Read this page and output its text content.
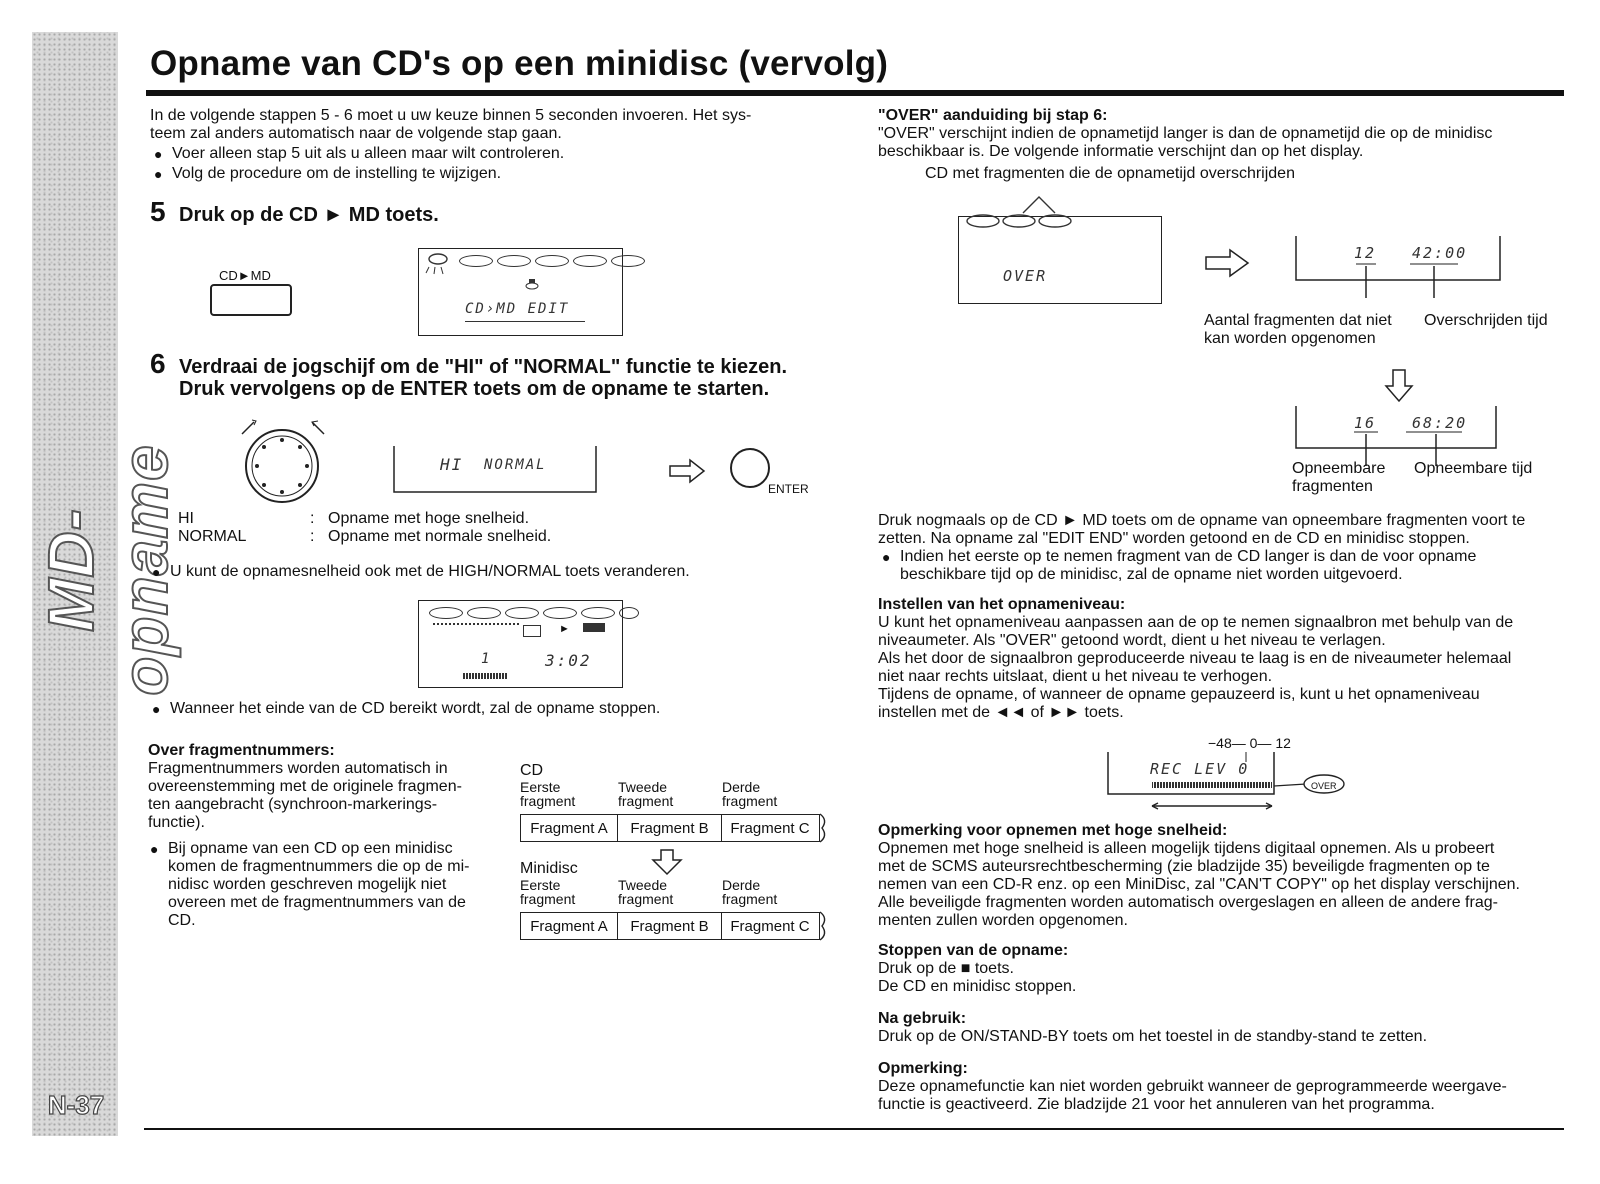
MD-opname
N-37
Opname van CD's op een minidisc (vervolg)
In de volgende stappen 5 - 6 moet u uw keuze binnen 5 seconden invoeren. Het sys-
teem zal anders automatisch naar de volgende stap gaan.
● Voer alleen stap 5 uit als u alleen maar wilt controleren.
● Volg de procedure om de instelling te wijzigen.
5 Druk op de CD ► MD toets.
CD►MD
CD›MD EDIT
6 Verdraai de jogschijf om de "HI" of "NORMAL" functie te kiezen.
Druk vervolgens op de ENTER toets om de opname te starten.
HI NORMAL
ENTER
HI	: Opname met hoge snelheid.
NORMAL	: Opname met normale snelheid.
● U kunt de opnamesnelheid ook met de HIGH/NORMAL toets veranderen.
►
1	3:02
● Wanneer het einde van de CD bereikt wordt, zal de opname stoppen.
Over fragmentnummers:
Fragmentnummers worden automatisch in
overeenstemming met de originele fragmen-
ten aangebracht (synchroon-markerings-
functie).
● Bij opname van een CD op een minidisc
komen de fragmentnummers die op de mi-
nidisc worden geschreven mogelijk niet
overeen met de fragmentnummers van de
CD.
CD
Eerste
fragment
Tweede
fragment
Derde
fragment
Fragment A	Fragment B	Fragment C
Minidisc
Eerste
fragment
Tweede
fragment
Derde
fragment
Fragment A	Fragment B	Fragment C
"OVER" aanduiding bij stap 6:
"OVER" verschijnt indien de opnametijd langer is dan de opnametijd die op de minidisc
beschikbaar is. De volgende informatie verschijnt dan op het display.
CD met fragmenten die de opnametijd overschrijden
OVER
12 42:00
Aantal fragmenten dat niet
kan worden opgenomen
Overschrijden tijd
16 68:20
Opneembare
fragmenten
Opneembare tijd
Druk nogmaals op de CD ► MD toets om de opname van opneembare fragmenten voort te
zetten. Na opname zal "EDIT END" worden getoond en de CD en minidisc stoppen.
● Indien het eerste op te nemen fragment van de CD langer is dan de voor opname
beschikbare tijd op de minidisc, zal de opname niet worden uitgevoerd.
Instellen van het opnameniveau:
U kunt het opnameniveau aanpassen aan de op te nemen signaalbron met behulp van de
niveaumeter. Als "OVER" getoond wordt, dient u het niveau te verlagen.
Als het door de signaalbron geproduceerde niveau te laag is en de niveaumeter helemaal
niet naar rechts uitslaat, dient u het niveau te verhogen.
Tijdens de opname, of wanneer de opname gepauzeerd is, kunt u het opnameniveau
instellen met de ◄◄ of ►► toets.
−48— 0— 12
REC LEV 0
OVER
Opmerking voor opnemen met hoge snelheid:
Opnemen met hoge snelheid is alleen mogelijk tijdens digitaal opnemen. Als u probeert
met de SCMS auteursrechtbescherming (zie bladzijde 35) beveiligde fragmenten op te
nemen van een CD-R enz. op een MiniDisc, zal "CAN'T COPY" op het display verschijnen.
Alle beveiligde fragmenten worden automatisch overgeslagen en alleen de andere frag-
menten zullen worden opgenomen.
Stoppen van de opname:
Druk op de ■ toets.
De CD en minidisc stoppen.
Na gebruik:
Druk op de ON/STAND-BY toets om het toestel in de standby-stand te zetten.
Opmerking:
Deze opnamefunctie kan niet worden gebruikt wanneer de geprogrammeerde weergave-
functie is geactiveerd. Zie bladzijde 21 voor het annuleren van het programma.
